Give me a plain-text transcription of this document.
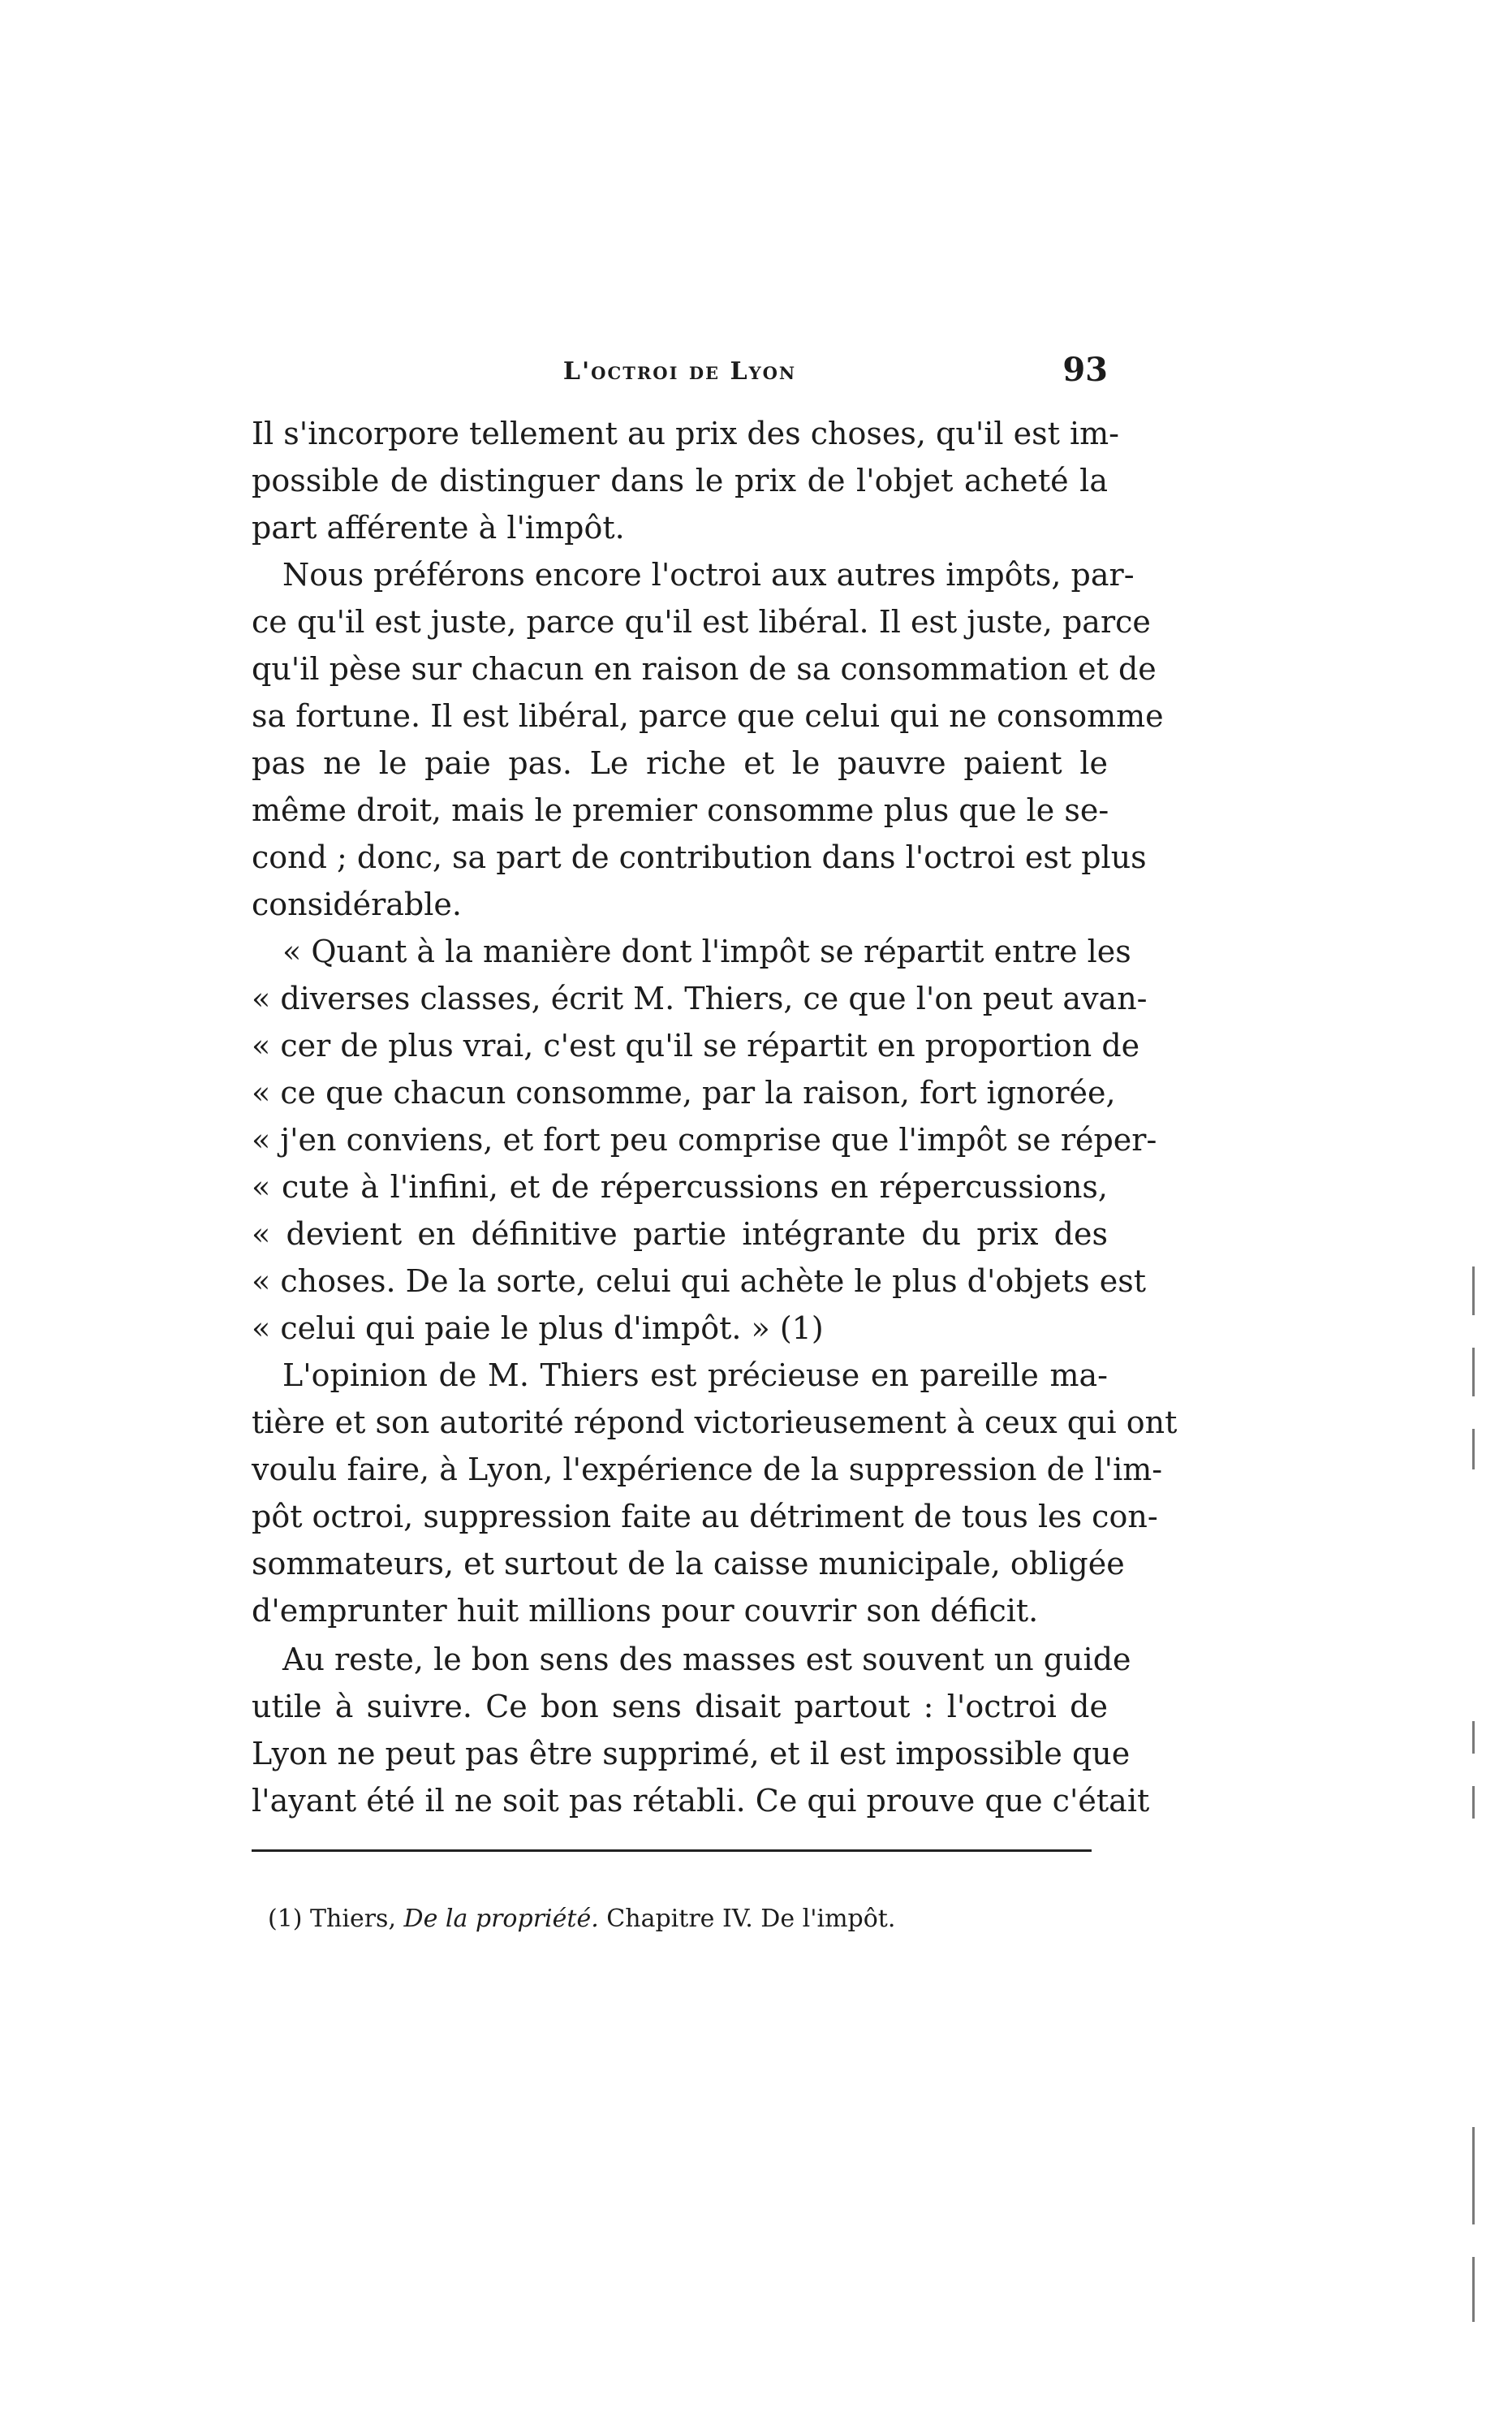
L'octroi de Lyon	93
Il s'incorpore tellement au prix des choses, qu'il est im-
possible de distinguer dans le prix de l'objet acheté la
part afférente à l'impôt.
Nous préférons encore l'octroi aux autres impôts, par-
ce qu'il est juste, parce qu'il est libéral. Il est juste, parce
qu'il pèse sur chacun en raison de sa consommation et de
sa fortune. Il est libéral, parce que celui qui ne consomme
pas ne le paie pas. Le riche et le pauvre paient le
même droit, mais le premier consomme plus que le se-
cond ; donc, sa part de contribution dans l'octroi est plus
considérable.
« Quant à la manière dont l'impôt se répartit entre les
« diverses classes, écrit M. Thiers, ce que l'on peut avan-
« cer de plus vrai, c'est qu'il se répartit en proportion de
« ce que chacun consomme, par la raison, fort ignorée,
« j'en conviens, et fort peu comprise que l'impôt se réper-
« cute à l'infini, et de répercussions en répercussions,
« devient en définitive partie intégrante du prix des
« choses. De la sorte, celui qui achète le plus d'objets est
« celui qui paie le plus d'impôt. » (1)
L'opinion de M. Thiers est précieuse en pareille ma-
tière et son autorité répond victorieusement à ceux qui ont
voulu faire, à Lyon, l'expérience de la suppression de l'im-
pôt octroi, suppression faite au détriment de tous les con-
sommateurs, et surtout de la caisse municipale, obligée
d'emprunter huit millions pour couvrir son déficit.
Au reste, le bon sens des masses est souvent un guide
utile à suivre. Ce bon sens disait partout : l'octroi de
Lyon ne peut pas être supprimé, et il est impossible que
l'ayant été il ne soit pas rétabli. Ce qui prouve que c'était
(1) Thiers, De la propriété. Chapitre IV. De l'impôt.
